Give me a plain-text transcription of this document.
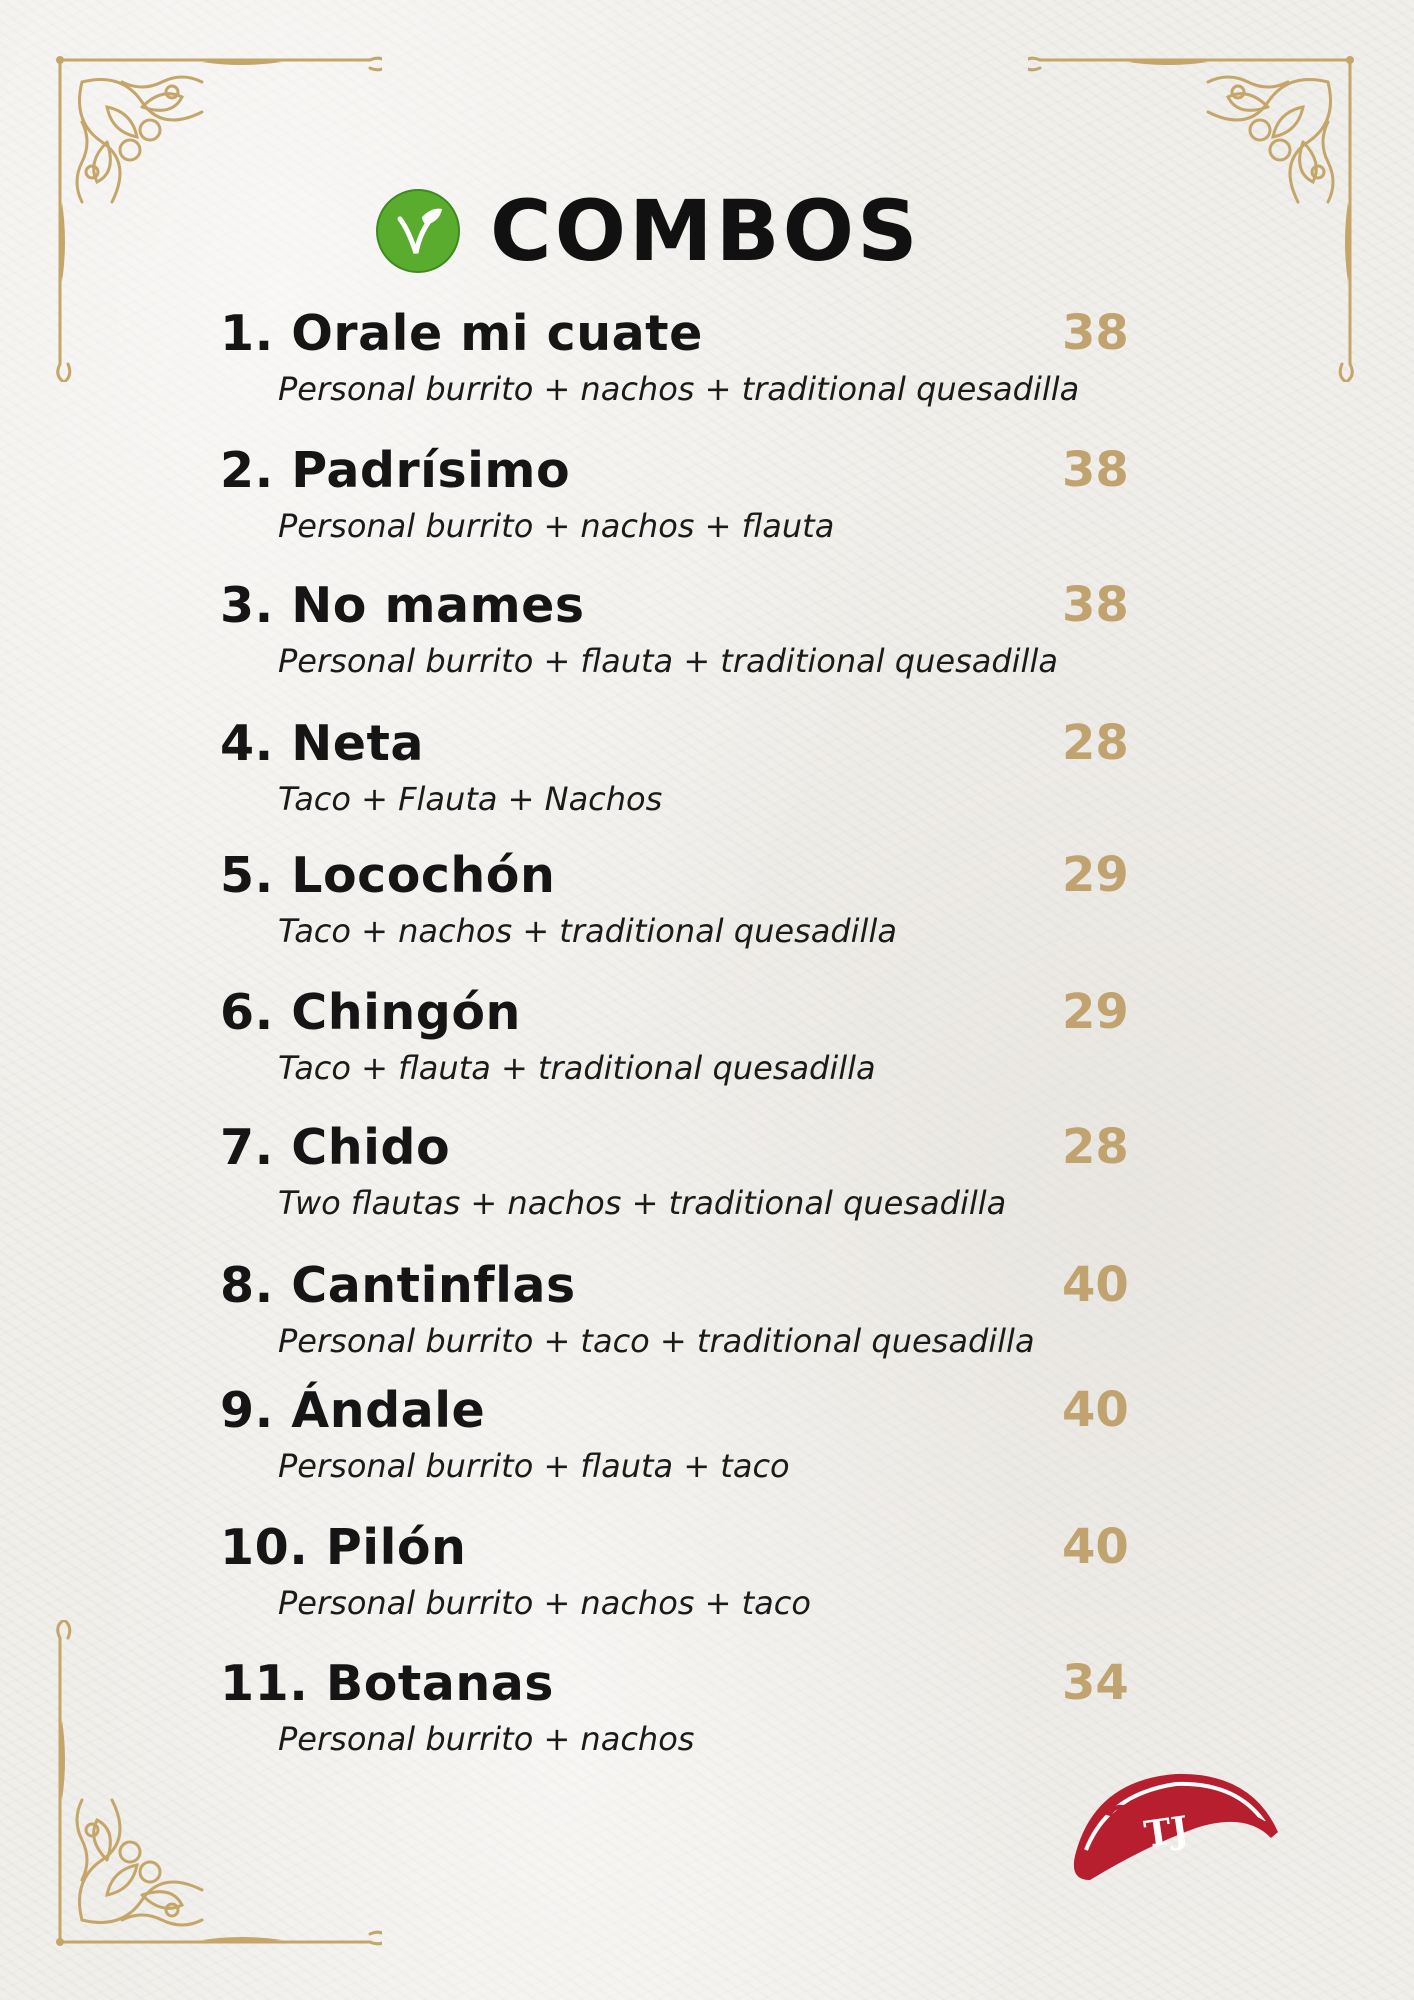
COMBOS
1. Orale mi cuate	38
Personal burrito + nachos + traditional quesadilla
2. Padrísimo	38
Personal burrito + nachos + flauta
3. No mames	38
Personal burrito + flauta + traditional quesadilla
4. Neta	28
Taco + Flauta + Nachos
5. Locochón	29
Taco + nachos + traditional quesadilla
6. Chingón	29
Taco + flauta + traditional quesadilla
7. Chido	28
Two flautas + nachos + traditional quesadilla
8. Cantinflas	40
Personal burrito + taco + traditional quesadilla
9. Ándale	40
Personal burrito + flauta + taco
10. Pilón	40
Personal burrito + nachos + taco
11. Botanas	34
Personal burrito + nachos
TJ
